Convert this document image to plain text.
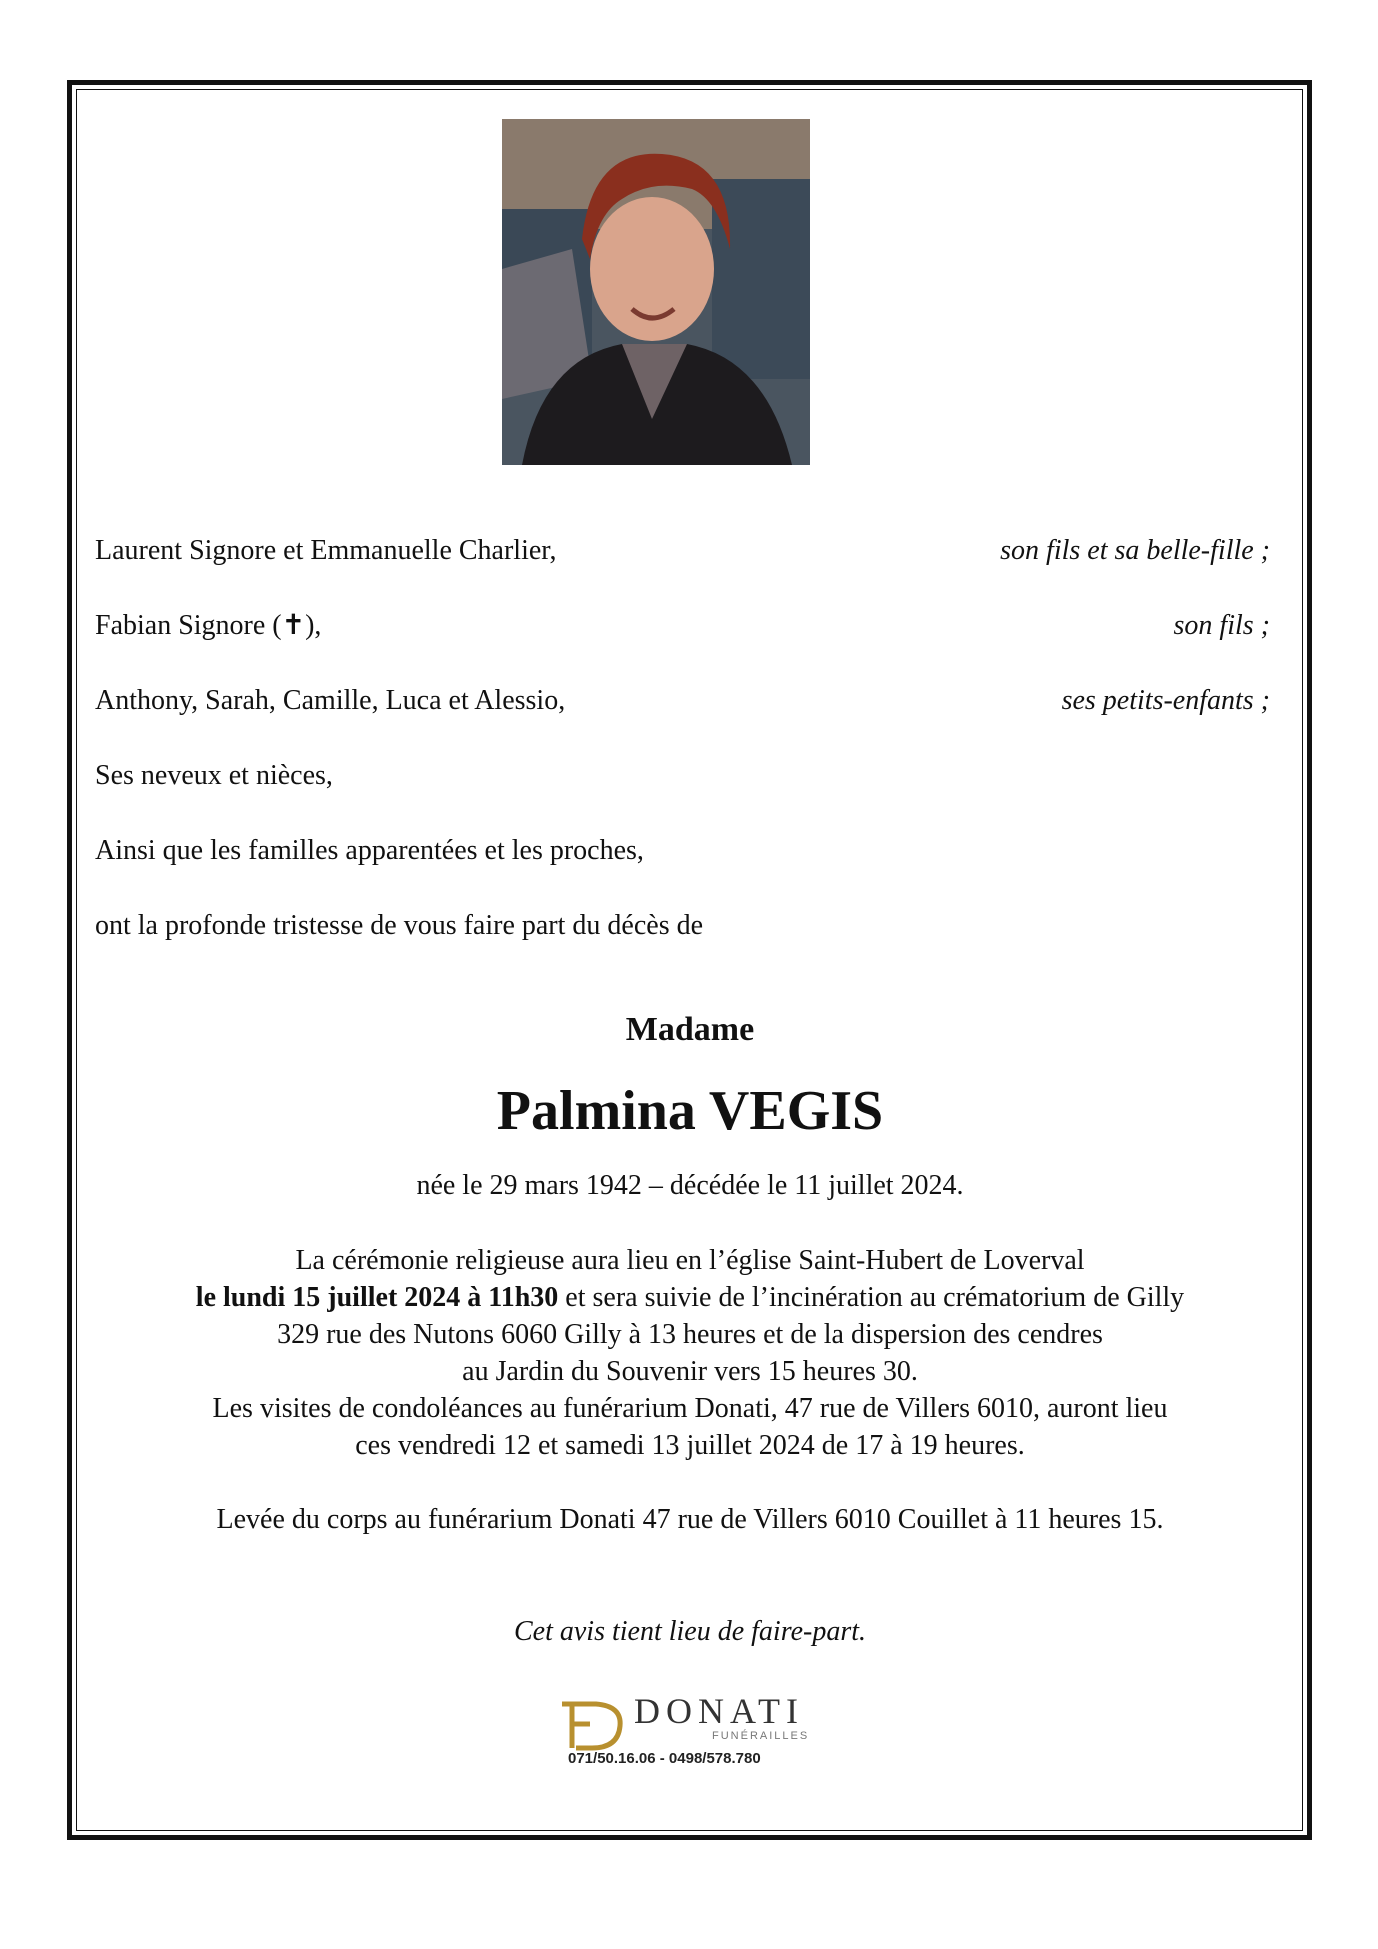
Laurent Signore et Emmanuelle Charlier,	son fils et sa belle-fille ;
Fabian Signore (✝),	son fils ;
Anthony, Sarah, Camille, Luca et Alessio,	ses petits-enfants ;
Ses neveux et nièces,
Ainsi que les familles apparentées et les proches,
ont la profonde tristesse de vous faire part du décès de
Madame
Palmina VEGIS
née le 29 mars 1942 – décédée le 11 juillet 2024.
La cérémonie religieuse aura lieu en l’église Saint-Hubert de Loverval
le lundi 15 juillet 2024 à 11h30 et sera suivie de l’incinération au crématorium de Gilly
329 rue des Nutons 6060 Gilly à 13 heures et de la dispersion des cendres
au Jardin du Souvenir vers 15 heures 30.
Les visites de condoléances au funérarium Donati, 47 rue de Villers 6010, auront lieu
ces vendredi 12 et samedi 13 juillet 2024 de 17 à 19 heures.
Levée du corps au funérarium Donati 47 rue de Villers 6010 Couillet à 11 heures 15.
Cet avis tient lieu de faire-part.
DONATI
FUNÉRAILLES
071/50.16.06 - 0498/578.780
